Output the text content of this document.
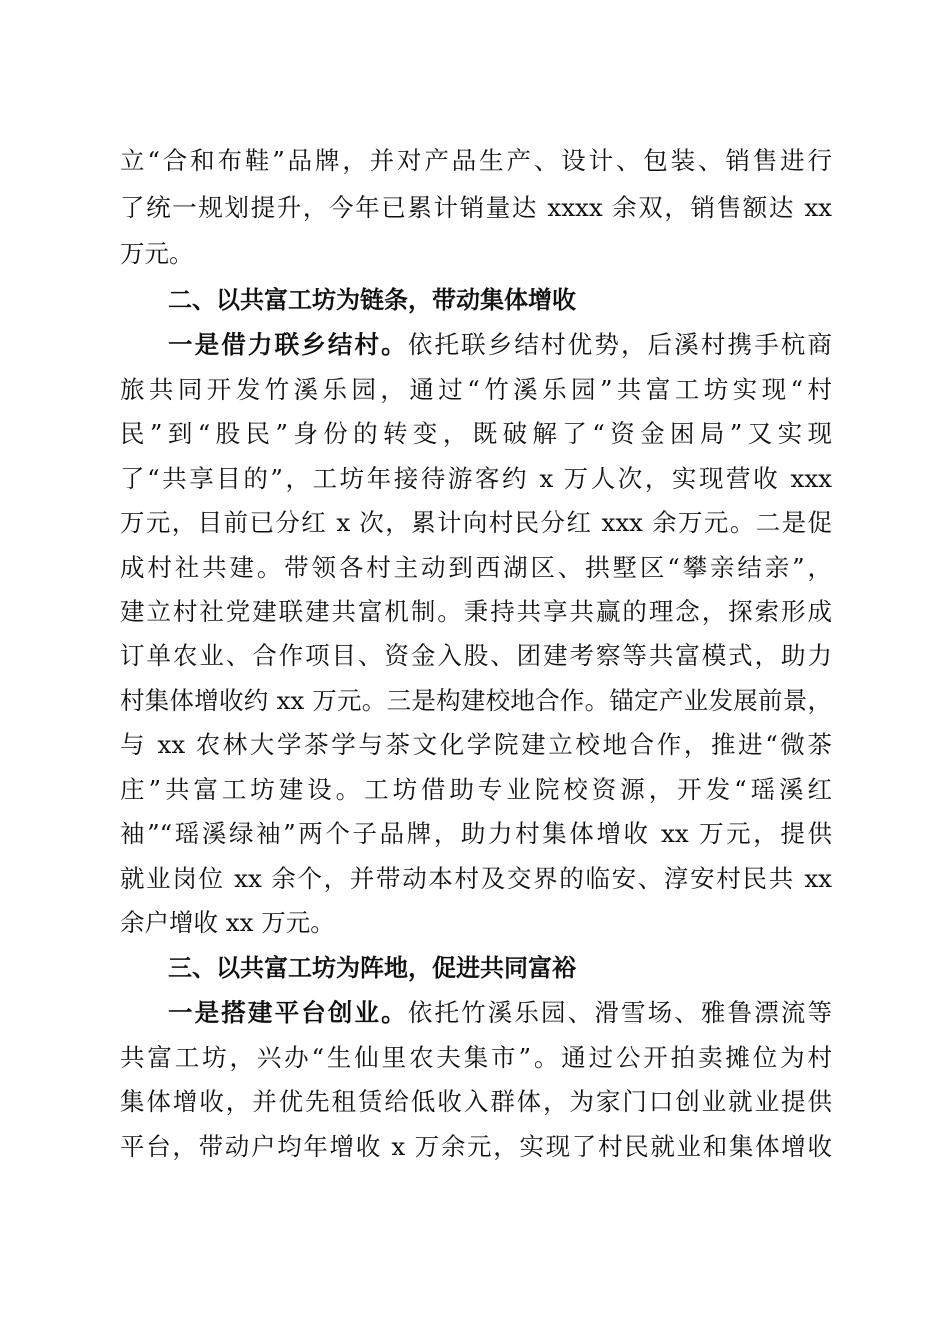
立“合和布鞋”品牌，并对产品生产、设计、包装、销售进行
了统一规划提升，今年已累计销量达 xxxx 余双，销售额达 xx
万元。
二、以共富工坊为链条，带动集体增收
一是借力联乡结村。依托联乡结村优势，后溪村携手杭商
旅共同开发竹溪乐园，通过“竹溪乐园”共富工坊实现“村
民”到“股民”身份的转变，既破解了“资金困局”又实现
了“共享目的”，工坊年接待游客约 x 万人次，实现营收 xxx
万元，目前已分红 x 次，累计向村民分红 xxx 余万元。二是促
成村社共建。带领各村主动到西湖区、拱墅区“攀亲结亲”，
建立村社党建联建共富机制。秉持共享共赢的理念，探索形成
订单农业、合作项目、资金入股、团建考察等共富模式，助力
村集体增收约 xx 万元。三是构建校地合作。锚定产业发展前景，
与 xx 农林大学茶学与茶文化学院建立校地合作，推进“微茶
庄”共富工坊建设。工坊借助专业院校资源，开发“瑶溪红
袖”“瑶溪绿袖”两个子品牌，助力村集体增收 xx 万元，提供
就业岗位 xx 余个，并带动本村及交界的临安、淳安村民共 xx
余户增收 xx 万元。
三、以共富工坊为阵地，促进共同富裕
一是搭建平台创业。依托竹溪乐园、滑雪场、雅鲁漂流等
共富工坊，兴办“生仙里农夫集市”。通过公开拍卖摊位为村
集体增收，并优先租赁给低收入群体，为家门口创业就业提供
平台，带动户均年增收 x 万余元，实现了村民就业和集体增收
